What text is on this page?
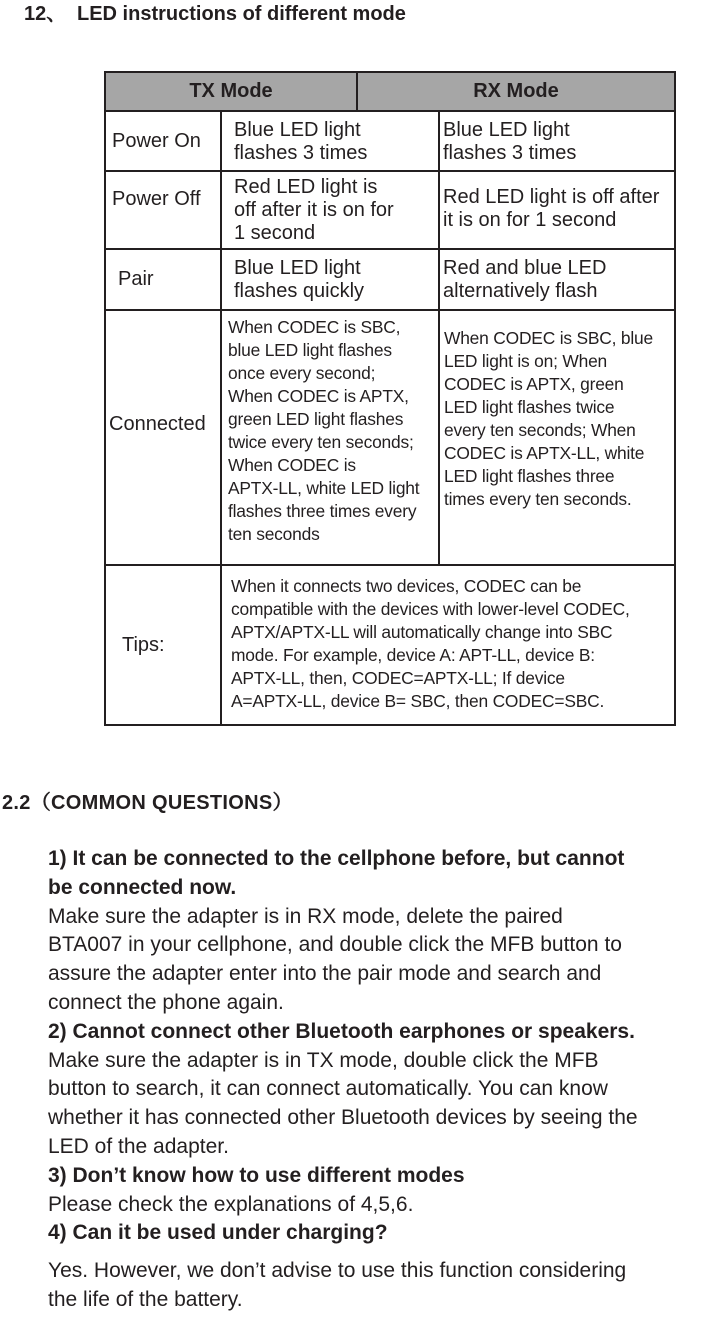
12、 LED instructions of different mode
TX Mode	RX Mode
Power On Blue LED light
flashes 3 times
Blue LED light
flashes 3 times
Power Off
Red LED light is
off after it is on for
1 second
Red LED light is off after
it is on for 1 second
Pair	Blue LED light
flashes quickly
Red and blue LED
alternatively flash
Connected
When CODEC is SBC,
blue LED light flashes
once every second;
When CODEC is APTX,
green LED light flashes
twice every ten seconds;
When CODEC is
APTX-LL, white LED light
flashes three times every
ten seconds
When CODEC is SBC, blue
LED light is on; When
CODEC is APTX, green
LED light flashes twice
every ten seconds; When
CODEC is APTX-LL, white
LED light flashes three
times every ten seconds.
Tips:
When it connects two devices, CODEC can be
compatible with the devices with lower-level CODEC,
APTX/APTX-LL will automatically change into SBC
mode. For example, device A: APT-LL, device B:
APTX-LL, then, CODEC=APTX-LL; If device
A=APTX-LL, device B= SBC, then CODEC=SBC.
2.2（COMMON QUESTIONS）

1) It can be connected to the cellphone before, but cannot
be connected now.

Make sure the adapter is in RX mode, delete the paired
BTA007 in your cellphone, and double click the MFB button to
assure the adapter enter into the pair mode and search and
connect the phone again.

2) Cannot connect other Bluetooth earphones or speakers.

Make sure the adapter is in TX mode, double click the MFB
button to search, it can connect automatically. You can know
whether it has connected other Bluetooth devices by seeing the
LED of the adapter.

3) Don’t know how to use different modes

Please check the explanations of 4,5,6.

4) Can it be used under charging?

Yes. However, we don’t advise to use this function considering
the life of the battery.
